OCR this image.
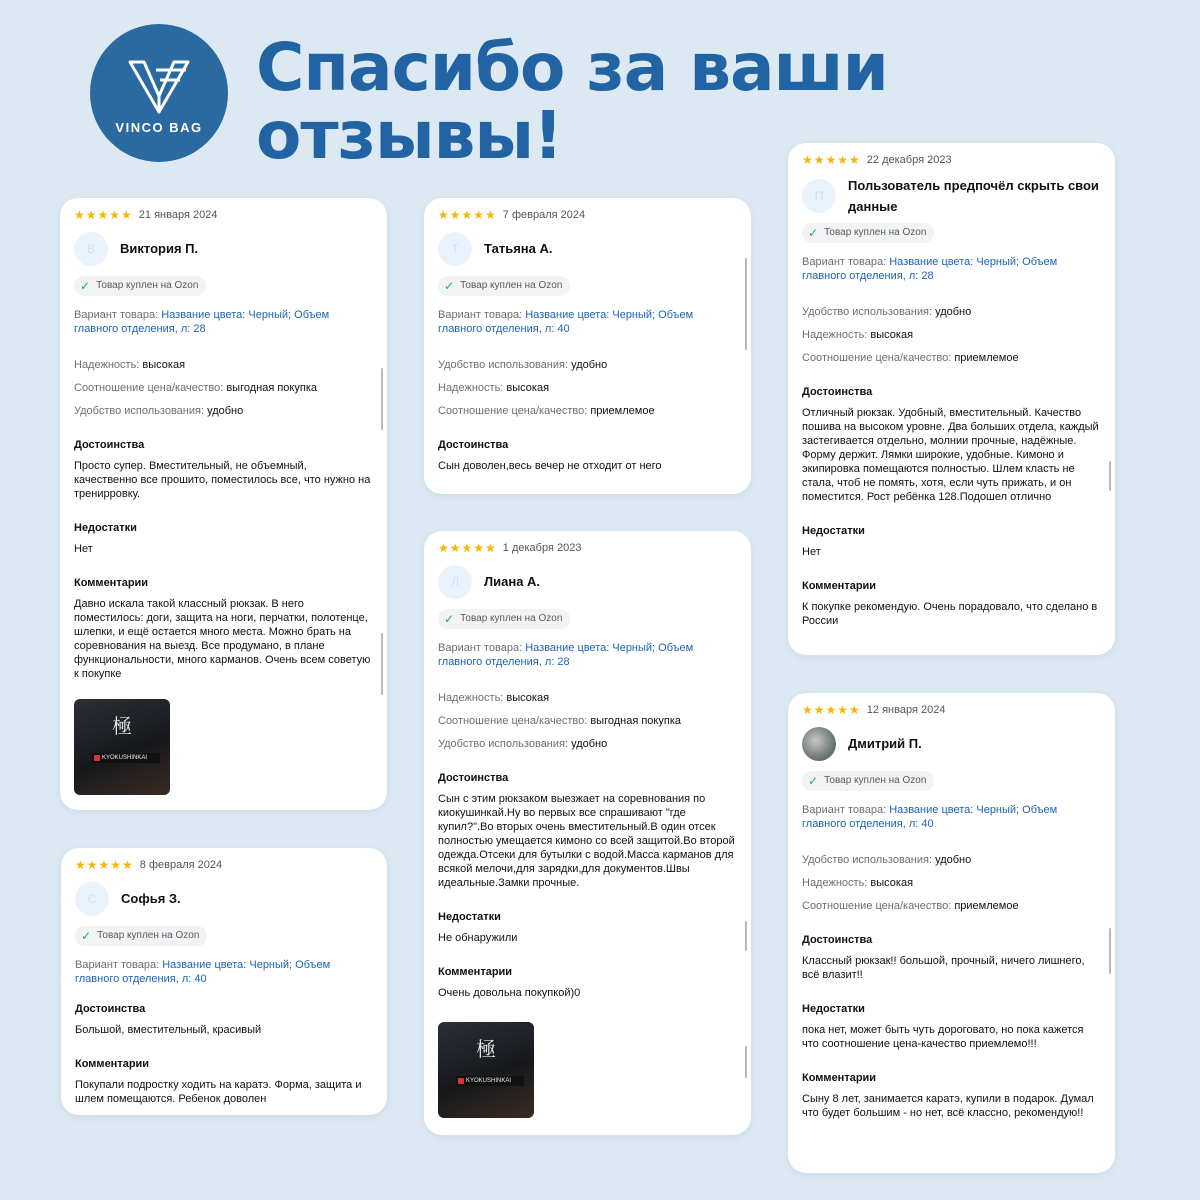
VINCO BAG
Спасибо за ваши
отзывы!
★★★★★ 21 января 2024
В	Виктория П.
✓ Товар куплен на Ozon
Вариант товара: Название цвета: Черный; Объем главного отделения, л: 28
Надежность: высокая
Соотношение цена/качество: выгодная покупка
Удобство использования: удобно
Достоинства
Просто супер. Вместительный, не объемный, качественно все прошито, поместилось все, что нужно на тренирровку.
Недостатки
Нет
Комментарии
Давно искала такой классный рюкзак. В него поместилось: доги, защита на ноги, перчатки, полотенце, шлепки, и ещё остается много места. Можно брать на соревнования на выезд. Все продумано, в плане функциональности, много карманов. Очень всем советую к покупке
極
KYOKUSHINKAI
★★★★★ 7 февраля 2024
Т	Татьяна А.
✓ Товар куплен на Ozon
Вариант товара: Название цвета: Черный; Объем главного отделения, л: 40
Удобство использования: удобно
Надежность: высокая
Соотношение цена/качество: приемлемое
Достоинства
Сын доволен,весь вечер не отходит от него
★★★★★ 22 декабря 2023
П
Пользователь предпочёл скрыть свои данные
✓ Товар куплен на Ozon
Вариант товара: Название цвета: Черный; Объем главного отделения, л: 28
Удобство использования: удобно
Надежность: высокая
Соотношение цена/качество: приемлемое
Достоинства
Отличный рюкзак. Удобный, вместительный. Качество пошива на высоком уровне. Два больших отдела, каждый застегивается отдельно, молнии прочные, надёжные. Форму держит. Лямки широкие, удобные. Кимоно и экипировка помещаются полностью. Шлем класть не стала, чтоб не помять, хотя, если чуть прижать, и он поместится. Рост ребёнка 128.Подошел отлично
Недостатки
Нет
Комментарии
К покупке рекомендую. Очень порадовало, что сделано в России
★★★★★ 1 декабря 2023
Л	Лиана А.
✓ Товар куплен на Ozon
Вариант товара: Название цвета: Черный; Объем главного отделения, л: 28
Надежность: высокая
Соотношение цена/качество: выгодная покупка
Удобство использования: удобно
Достоинства
Сын с этим рюкзаком выезжает на соревнования по киокушинкай.Ну во первых все спрашивают "где купил?".Во вторых очень вместительный.В один отсек полностью умещается кимоно со всей защитой.Во второй одежда.Отсеки для бутылки с водой.Масса карманов для всякой мелочи,для зарядки,для документов.Швы идеальные.Замки прочные.
Недостатки
Не обнаружили
Комментарии
Очень довольна покупкой)0
極
KYOKUSHINKAI
★★★★★ 8 февраля 2024
С	Софья З.
✓ Товар куплен на Ozon
Вариант товара: Название цвета: Черный; Объем главного отделения, л: 40
Достоинства
Большой, вместительный, красивый
Комментарии
Покупали подростку ходить на каратэ. Форма, защита и шлем помещаются. Ребенок доволен
★★★★★ 12 января 2024
Дмитрий П.
✓ Товар куплен на Ozon
Вариант товара: Название цвета: Черный; Объем главного отделения, л: 40
Удобство использования: удобно
Надежность: высокая
Соотношение цена/качество: приемлемое
Достоинства
Классный рюкзак!! большой, прочный, ничего лишнего, всё влазит!!
Недостатки
пока нет, может быть чуть дороговато, но пока кажется что соотношение цена-качество приемлемо!!!
Комментарии
Сыну 8 лет, занимается каратэ, купили в подарок. Думал что будет большим - но нет, всё классно, рекомендую!!
